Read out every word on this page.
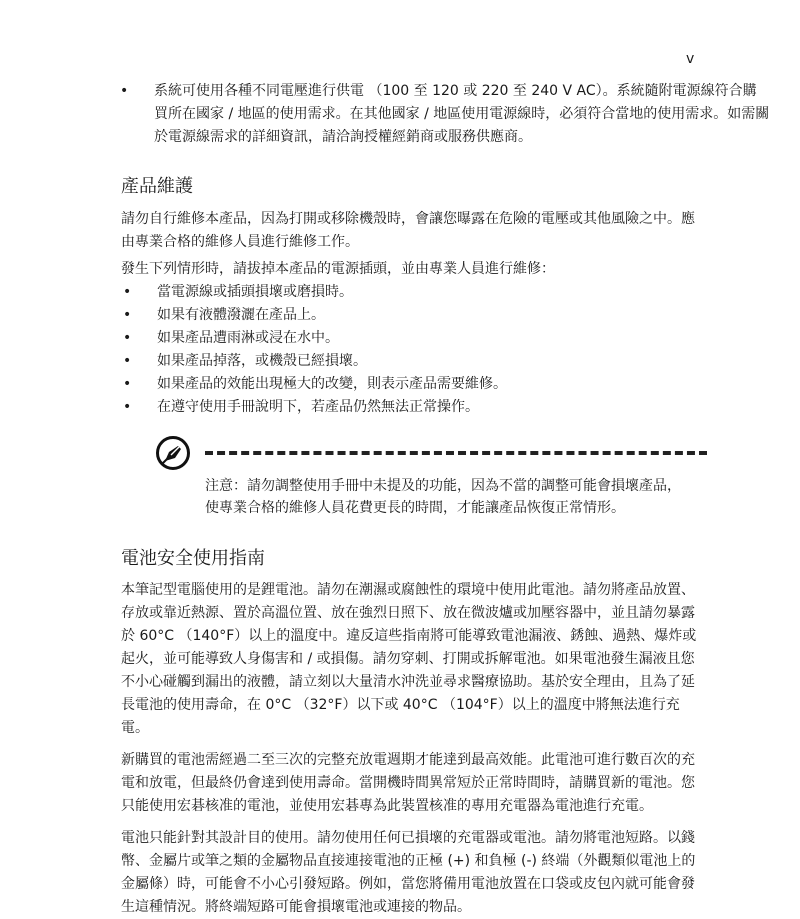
v
• 系統可使用各種不同電壓進行供電 （100 至 120 或 220 至 240 V AC）。系統隨附電源線符合購買所在國家 / 地區的使用需求。在其他國家 / 地區使用電源線時，必須符合當地的使用需求。如需關於電源線需求的詳細資訊，請洽詢授權經銷商或服務供應商。
產品維護

請勿自行維修本產品，因為打開或移除機殼時，會讓您曝露在危險的電壓或其他風險之中。應由專業合格的維修人員進行維修工作。

發生下列情形時，請拔掉本產品的電源插頭，並由專業人員進行維修：

• 當電源線或插頭損壞或磨損時。
• 如果有液體潑灑在產品上。
• 如果產品遭雨淋或浸在水中。
• 如果產品掉落，或機殼已經損壞。
• 如果產品的效能出現極大的改變，則表示產品需要維修。
• 在遵守使用手冊說明下，若產品仍然無法正常操作。
注意：請勿調整使用手冊中未提及的功能，因為不當的調整可能會損壞產品，使專業合格的維修人員花費更長的時間，才能讓產品恢復正常情形。
電池安全使用指南

本筆記型電腦使用的是鋰電池。請勿在潮濕或腐蝕性的環境中使用此電池。請勿將產品放置、存放或靠近熱源、置於高溫位置、放在強烈日照下、放在微波爐或加壓容器中，並且請勿暴露於 60°C （140°F）以上的溫度中。違反這些指南將可能導致電池漏液、銹蝕、過熱、爆炸或起火，並可能導致人身傷害和 / 或損傷。請勿穿刺、打開或拆解電池。如果電池發生漏液且您不小心碰觸到漏出的液體，請立刻以大量清水沖洗並尋求醫療協助。基於安全理由，且為了延長電池的使用壽命，在 0°C （32°F）以下或 40°C （104°F）以上的溫度中將無法進行充電。

新購買的電池需經過二至三次的完整充放電週期才能達到最高效能。此電池可進行數百次的充電和放電，但最終仍會達到使用壽命。當開機時間異常短於正常時間時，請購買新的電池。您只能使用宏碁核准的電池，並使用宏碁專為此裝置核准的專用充電器為電池進行充電。

電池只能針對其設計目的使用。請勿使用任何已損壞的充電器或電池。請勿將電池短路。以錢幣、金屬片或筆之類的金屬物品直接連接電池的正極 (+) 和負極 (-) 終端（外觀類似電池上的金屬條）時，可能會不小心引發短路。例如，當您將備用電池放置在口袋或皮包內就可能會發生這種情況。將終端短路可能會損壞電池或連接的物品。
